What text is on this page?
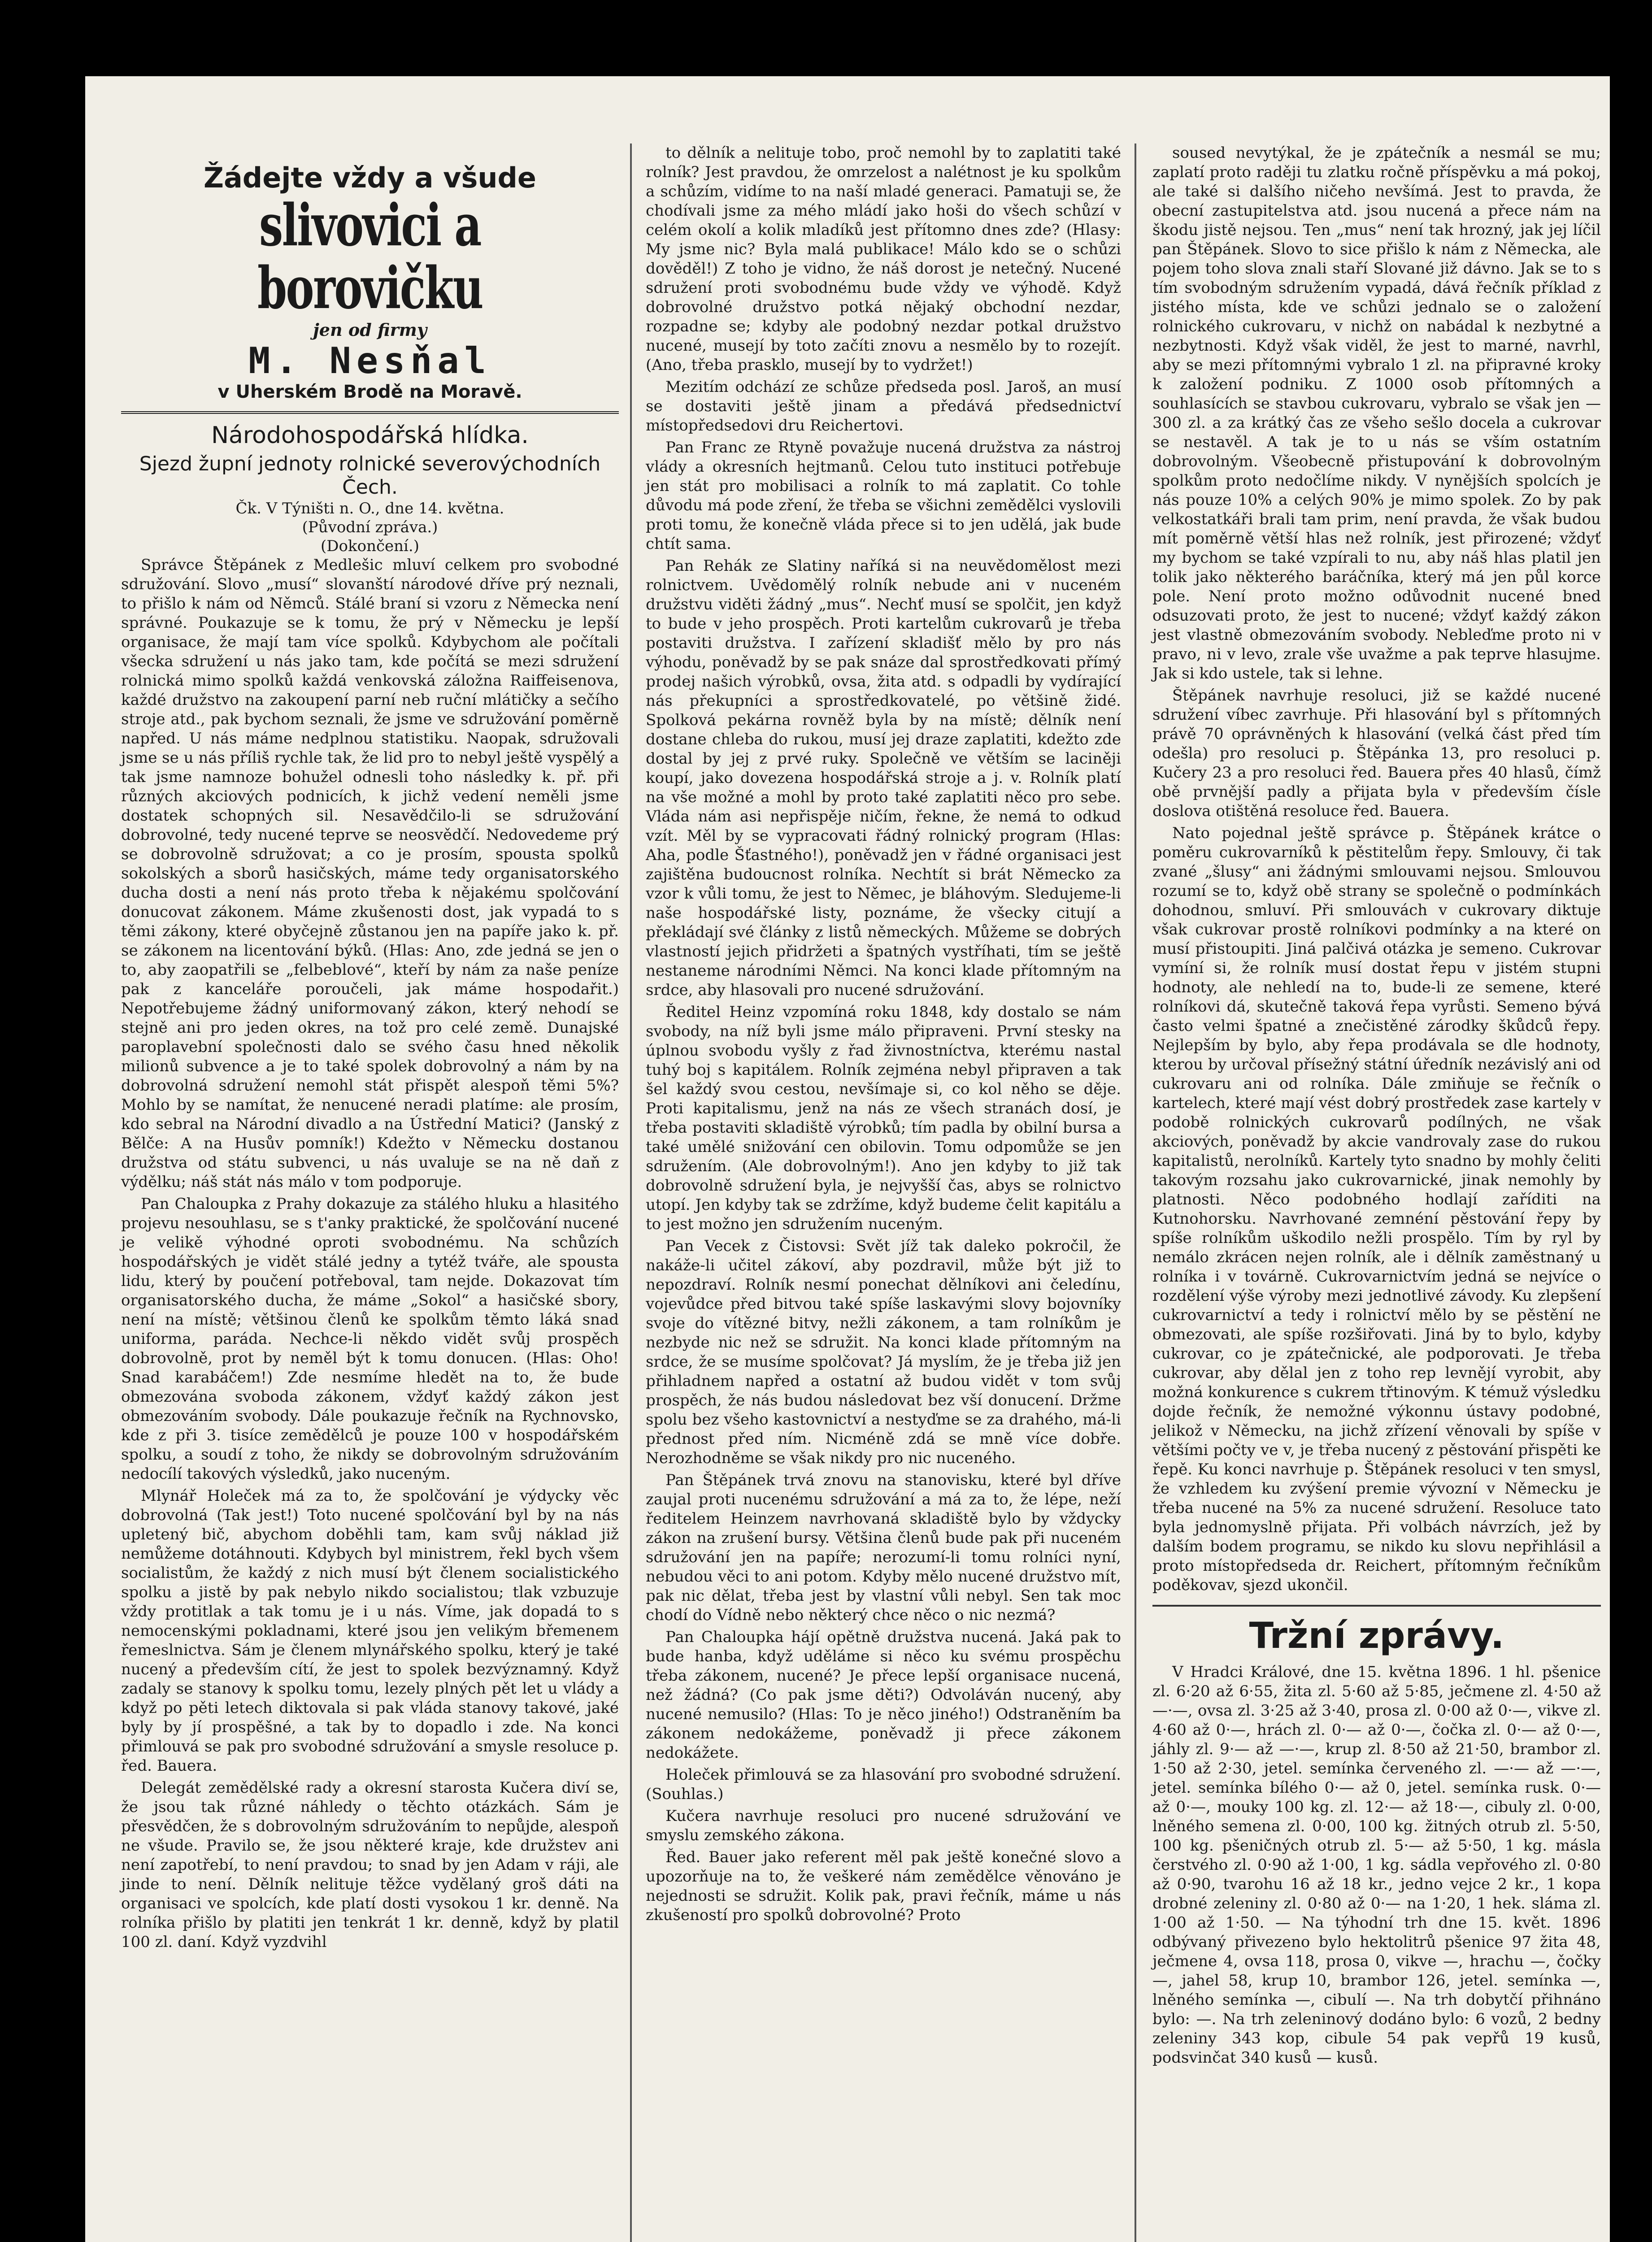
Žádejte vždy a všude
slivovici a borovičku
jen od firmy
M. Nesňal
v Uherském Brodě na Moravě.
Národohospodářská hlídka.
Sjezd župní jednoty rolnické severovýchodních Čech.
Čk. V Týništi n. O., dne 14. května.
(Původní zpráva.)
(Dokončení.)

Správce Štěpánek z Medlešic mluví celkem pro svobodné sdružování. Slovo „musí“ slovanští národové dříve prý neznali, to přišlo k nám od Němců. Stálé braní si vzoru z Německa není správné. Poukazuje se k tomu, že prý v Německu je lepší organisace, že mají tam více spolků. Kdybychom ale počítali všecka sdružení u nás jako tam, kde počítá se mezi sdružení rolnická mimo spolků každá venkovská záložna Raiffeisenova, každé družstvo na zakoupení parní neb ruční mlátičky a sečího stroje atd., pak bychom seznali, že jsme ve sdružování poměrně napřed. U nás máme nedplnou statistiku. Naopak, sdružovali jsme se u nás příliš rychle tak, že lid pro to nebyl ještě vyspělý a tak jsme namnoze bohužel odnesli toho následky k. př. při různých akciových podnicích, k jichž vedení neměli jsme dostatek schopných sil. Nesavědčilo-li se sdružování dobrovolné, tedy nucené teprve se neosvědčí. Nedovedeme prý se dobrovolně sdružovat; a co je prosím, spousta spolků sokolských a sborů hasičských, máme tedy organisatorského ducha dosti a není nás proto třeba k nějakému spolčování donucovat zákonem. Máme zkušenosti dost, jak vypadá to s těmi zákony, které obyčejně zůstanou jen na papíře jako k. př. se zákonem na licentování býků. (Hlas: Ano, zde jedná se jen o to, aby zaopatřili se „felbeblové“, kteří by nám za naše peníze pak z kanceláře poroučeli, jak máme hospodařit.) Nepotřebujeme žádný uniformovaný zákon, který nehodí se stejně ani pro jeden okres, na tož pro celé země. Dunajské paroplavební společnosti dalo se svého času hned několik milionů subvence a je to také spolek dobrovolný a nám by na dobrovolná sdružení nemohl stát přispět alespoň těmi 5%? Mohlo by se namítat, že nenucené neradi platíme: ale prosím, kdo sebral na Národní divadlo a na Ústřední Matici? (Janský z Bělče: A na Husův pomník!) Kdežto v Německu dostanou družstva od státu subvenci, u nás uvaluje se na ně daň z výdělku; náš stát nás málo v tom podporuje.

Pan Chaloupka z Prahy dokazuje za stálého hluku a hlasitého projevu nesouhlasu, se s t'anky praktické, že spolčování nucené je velikě výhodné oproti svobodnému. Na schůzích hospodářských je vidět stálé jedny a tytéž tváře, ale spousta lidu, který by poučení potřeboval, tam nejde. Dokazovat tím organisatorského ducha, že máme „Sokol“ a hasičské sbory, není na místě; většinou členů ke spolkům těmto láká snad uniforma, paráda. Nechce-li někdo vidět svůj prospěch dobrovolně, prot by neměl být k tomu donucen. (Hlas: Oho! Snad karabáčem!) Zde nesmíme hledět na to, že bude obmezována svoboda zákonem, vždyť každý zákon jest obmezováním svobody. Dále poukazuje řečník na Rychnovsko, kde z při 3. tisíce zemědělců je pouze 100 v hospodářském spolku, a soudí z toho, že nikdy se dobrovolným sdružováním nedocílí takových výsledků, jako nuceným.

Mlynář Holeček má za to, že spolčování je výdycky věc dobrovolná (Tak jest!) Toto nucené spolčování byl by na nás upletený bič, abychom doběhli tam, kam svůj náklad již nemůžeme dotáhnouti. Kdybych byl ministrem, řekl bych všem socialistům, že každý z nich musí být členem socialistického spolku a jistě by pak nebylo nikdo socialistou; tlak vzbuzuje vždy protitlak a tak tomu je i u nás. Víme, jak dopadá to s nemocenskými pokladnami, které jsou jen velikým břemenem řemeslnictva. Sám je členem mlynářského spolku, který je také nucený a především cítí, že jest to spolek bezvýznamný. Když zadaly se stanovy k spolku tomu, lezely plných pět let u vlády a když po pěti letech diktovala si pak vláda stanovy takové, jaké byly by jí prospěšné, a tak by to dopadlo i zde. Na konci přimlouvá se pak pro svobodné sdružování a smysle resoluce p. řed. Bauera.

Delegát zemědělské rady a okresní starosta Kučera diví se, že jsou tak různé náhledy o těchto otázkách. Sám je přesvědčen, že s dobrovolným sdružováním to nepůjde, alespoň ne všude. Pravilo se, že jsou některé kraje, kde družstev ani není zapotřebí, to není pravdou; to snad by jen Adam v ráji, ale jinde to není. Dělník nelituje těžce vydělaný groš dáti na organisaci ve spolcích, kde platí dosti vysokou 1 kr. denně. Na rolníka přišlo by platiti jen tenkrát 1 kr. denně, když by platil 100 zl. daní. Když vyzdvihl

to dělník a nelituje tobo, proč nemohl by to zaplatiti také rolník? Jest pravdou, že omrzelost a nalétnost je ku spolkům a schůzím, vidíme to na naší mladé generaci. Pamatuji se, že chodívali jsme za mého mládí jako hoši do všech schůzí v celém okolí a kolik mladíků jest přítomno dnes zde? (Hlasy: My jsme nic? Byla malá publikace! Málo kdo se o schůzi dověděl!) Z toho je vidno, že náš dorost je netečný. Nucené sdružení proti svobodnému bude vždy ve výhodě. Když dobrovolné družstvo potká nějaký obchodní nezdar, rozpadne se; kdyby ale podobný nezdar potkal družstvo nucené, musejí by toto začíti znovu a nesmělo by to rozejít. (Ano, třeba prasklo, musejí by to vydržet!)

Mezitím odchází ze schůze předseda posl. Jaroš, an musí se dostaviti ještě jinam a předává předsednictví místopředsedovi dru Reichertovi.

Pan Franc ze Rtyně považuje nucená družstva za nástroj vlády a okresních hejtmanů. Celou tuto instituci potřebuje jen stát pro mobilisaci a rolník to má zaplatit. Co tohle důvodu má pode zření, že třeba se všichni zemědělci vyslovili proti tomu, že konečně vláda přece si to jen udělá, jak bude chtít sama.

Pan Rehák ze Slatiny naříká si na neuvědomělost mezi rolnictvem. Uvědomělý rolník nebude ani v nuceném družstvu viděti žádný „mus“. Nechť musí se spolčit, jen když to bude v jeho prospěch. Proti kartelům cukrovarů je třeba postaviti družstva. I zařízení skladišť mělo by pro nás výhodu, poněvadž by se pak snáze dal sprostředkovati přímý prodej našich výrobků, ovsa, žita atd. s odpadli by vydírající nás překupníci a sprostředkovatelé, po většině židé. Spolková pekárna rovněž byla by na místě; dělník není dostane chleba do rukou, musí jej draze zaplatiti, kdežto zde dostal by jej z prvé ruky. Společně ve větším se laciněji koupí, jako dovezena hospodářská stroje a j. v. Rolník platí na vše možné a mohl by proto také zaplatiti něco pro sebe. Vláda nám asi nepřispěje ničím, řekne, že nemá to odkud vzít. Měl by se vypracovati řádný rolnický program (Hlas: Aha, podle Šťastného!), poněvadž jen v řádné organisaci jest zajištěna budoucnost rolníka. Nechtít si brát Německo za vzor k vůli tomu, že jest to Němec, je bláhovým. Sledujeme-li naše hospodářské listy, poznáme, že všecky citují a překládají své články z listů německých. Můžeme se dobrých vlastností jejich přidržeti a špatných vystříhati, tím se ještě nestaneme národními Němci. Na konci klade přítomným na srdce, aby hlasovali pro nucené sdružování.

Ředitel Heinz vzpomíná roku 1848, kdy dostalo se nám svobody, na níž byli jsme málo připraveni. První stesky na úplnou svobodu vyšly z řad živnostníctva, kterému nastal tuhý boj s kapitálem. Rolník zejména nebyl připraven a tak šel každý svou cestou, nevšímaje si, co kol něho se děje. Proti kapitalismu, jenž na nás ze všech stranách dosí, je třeba postaviti skladiště výrobků; tím padla by obilní bursa a také umělé snižování cen obilovin. Tomu odpomůže se jen sdružením. (Ale dobrovolným!). Ano jen kdyby to již tak dobrovolně sdružení byla, je nejvyšší čas, abys se rolnictvo utopí. Jen kdyby tak se zdržíme, když budeme čelit kapitálu a to jest možno jen sdružením nuceným.

Pan Vecek z Čistovsi: Svět jíž tak daleko pokročil, že nakáže-li učitel zákoví, aby pozdravil, může být již to nepozdraví. Rolník nesmí ponechat dělníkovi ani čeledínu, vojevůdce před bitvou také spíše laskavými slovy bojovníky svoje do vítězné bitvy, nežli zákonem, a tam rolníkům je nezbyde nic než se sdružit. Na konci klade přítomným na srdce, že se musíme spolčovat? Já myslím, že je třeba již jen přihladnem napřed a ostatní až budou vidět v tom svůj prospěch, že nás budou následovat bez vší donucení. Držme spolu bez všeho kastovnictví a nestyďme se za drahého, má-li přednost před ním. Nicméně zdá se mně více dobře. Nerozhodněme se však nikdy pro nic nuceného.

Pan Štěpánek trvá znovu na stanovisku, které byl dříve zaujal proti nucenému sdružování a má za to, že lépe, neží ředitelem Heinzem navrhovaná skladiště bylo by vždycky zákon na zrušení bursy. Většina členů bude pak při nuceném sdružování jen na papíře; nerozumí-li tomu rolníci nyní, nebudou věci to ani potom. Kdyby mělo nucené družstvo mít, pak nic dělat, třeba jest by vlastní vůli nebyl. Sen tak moc chodí do Vídně nebo některý chce něco o nic nezmá?

Pan Chaloupka hájí opětně družstva nucená. Jaká pak to bude hanba, když uděláme si něco ku svému prospěchu třeba zákonem, nucené? Je přece lepší organisace nucená, než žádná? (Co pak jsme děti?) Odvoláván nucený, aby nucené nemusilo? (Hlas: To je něco jiného!) Odstraněním ba zákonem nedokážeme, poněvadž ji přece zákonem nedokážete.

Holeček přimlouvá se za hlasování pro svobodné sdružení. (Souhlas.)

Kučera navrhuje resoluci pro nucené sdružování ve smyslu zemského zákona.

Řed. Bauer jako referent měl pak ještě konečné slovo a upozorňuje na to, že veškeré nám zemědělce věnováno je nejednosti se sdružit. Kolik pak, pravi řečník, máme u nás zkušeností pro spolků dobrovolné? Proto

soused nevytýkal, že je zpátečník a nesmál se mu; zaplatí proto raději tu zlatku ročně příspěvku a má pokoj, ale také si dalšího ničeho nevšímá. Jest to pravda, že obecní zastupitelstva atd. jsou nucená a přece nám na škodu jistě nejsou. Ten „mus“ není tak hrozný, jak jej líčil pan Štěpánek. Slovo to sice přišlo k nám z Německa, ale pojem toho slova znali staří Slované již dávno. Jak se to s tím svobodným sdružením vypadá, dává řečník příklad z jistého místa, kde ve schůzi jednalo se o založení rolnického cukrovaru, v nichž on nabádal k nezbytné a nezbytnosti. Když však viděl, že jest to marné, navrhl, aby se mezi přítomnými vybralo 1 zl. na připravné kroky k založení podniku. Z 1000 osob přítomných a souhlasících se stavbou cukrovaru, vybralo se však jen — 300 zl. a za krátký čas ze všeho sešlo docela a cukrovar se nestavěl. A tak je to u nás se vším ostatním dobrovolným. Všeobecně přistupování k dobrovolným spolkům proto nedočlíme nikdy. V nynějších spolcích je nás pouze 10% a celých 90% je mimo spolek. Zo by pak velkostatkáři brali tam prim, není pravda, že však budou mít poměrně větší hlas než rolník, jest přirozené; vždyť my bychom se také vzpírali to nu, aby náš hlas platil jen tolik jako některého baráčníka, který má jen půl korce pole. Není proto možno odůvodnit nucené bned odsuzovati proto, že jest to nucené; vždyť každý zákon jest vlastně obmezováním svobody. Nebleďme proto ni v pravo, ni v levo, zrale vše uvažme a pak teprve hlasujme. Jak si kdo ustele, tak si lehne.

Štěpánek navrhuje resoluci, již se každé nucené sdružení víbec zavrhuje. Při hlasování byl s přítomných právě 70 oprávněných k hlasování (velká část před tím odešla) pro resoluci p. Štěpánka 13, pro resoluci p. Kučery 23 a pro resoluci řed. Bauera přes 40 hlasů, čímž obě prvnější padly a přijata byla v především čísle doslova otištěná resoluce řed. Bauera.

Nato pojednal ještě správce p. Štěpánek krátce o poměru cukrovarníků k pěstitelům řepy. Smlouvy, či tak zvané „šlusy“ ani žádnými smlouvami nejsou. Smlouvou rozumí se to, když obě strany se společně o podmínkách dohodnou, smluví. Při smlouvách v cukrovary diktuje však cukrovar prostě rolníkovi podmínky a na které on musí přistoupiti. Jiná palčivá otázka je semeno. Cukrovar vymíní si, že rolník musí dostat řepu v jistém stupni hodnoty, ale nehledí na to, bude-li ze semene, které rolníkovi dá, skutečně taková řepa vyrůsti. Semeno bývá často velmi špatné a znečistěné zárodky škůdců řepy. Nejlepším by bylo, aby řepa prodávala se dle hodnoty, kterou by určoval přísežný státní úředník nezávislý ani od cukrovaru ani od rolníka. Dále zmiňuje se řečník o kartelech, které mají vést dobrý prostředek zase kartely v podobě rolnických cukrovarů podílných, ne však akciových, poněvadž by akcie vandrovaly zase do rukou kapitalistů, nerolníků. Kartely tyto snadno by mohly čeliti takovým rozsahu jako cukrovarnické, jinak nemohly by platnosti. Něco podobného hodlají zaříditi na Kutnohorsku. Navrhované zemnéní pěstování řepy by spíše rolníkům uškodilo nežli prospělo. Tím by ryl by nemálo zkrácen nejen rolník, ale i dělník zaměstnaný u rolníka i v továrně. Cukrovarnictvím jedná se nejvíce o rozdělení výše výroby mezi jednotlivé závody. Ku zlepšení cukrovarnictví a tedy i rolnictví mělo by se pěstění ne obmezovati, ale spíše rozšiřovati. Jiná by to bylo, kdyby cukrovar, co je zpátečnické, ale podporovati. Je třeba cukrovar, aby dělal jen z toho rep levnějí vyrobit, aby možná konkurence s cukrem třtinovým. K témuž výsledku dojde řečník, že nemožné výkonnu ústavy podobné, jelikož v Německu, na jichž zřízení věnovali by spíše v většími počty ve v, je třeba nucený z pěstování přispěti ke řepě. Ku konci navrhuje p. Štěpánek resoluci v ten smysl, že vzhledem ku zvýšení premie vývozní v Německu je třeba nucené na 5% za nucené sdružení. Resoluce tato byla jednomyslně přijata. Při volbách návrzích, jež by dalším bodem programu, se nikdo ku slovu nepřihlásil a proto místopředseda dr. Reichert, přítomným řečníkům poděkovav, sjezd ukončil.

Tržní zprávy.

V Hradci Králové, dne 15. května 1896. 1 hl. pšenice zl. 6·20 až 6·55, žita zl. 5·60 až 5·85, ječmene zl. 4·50 až —·—, ovsa zl. 3·25 až 3·40, prosa zl. 0·00 až 0·—, vikve zl. 4·60 až 0·—, hrách zl. 0·— až 0·—, čočka zl. 0·— až 0·—, jáhly zl. 9·— až —·—, krup zl. 8·50 až 21·50, brambor zl. 1·50 až 2·30, jetel. semínka červeného zl. —·— až —·—, jetel. semínka bílého 0·— až 0, jetel. semínka rusk. 0·— až 0·—, mouky 100 kg. zl. 12·— až 18·—, cibuly zl. 0·00, lněného semena zl. 0·00, 100 kg. žitných otrub zl. 5·50, 100 kg. pšeničných otrub zl. 5·— až 5·50, 1 kg. másla čerstvého zl. 0·90 až 1·00, 1 kg. sádla vepřového zl. 0·80 až 0·90, tvarohu 16 až 18 kr., jedno vejce 2 kr., 1 kopa drobné zeleniny zl. 0·80 až 0·— na 1·20, 1 hek. sláma zl. 1·00 až 1·50. — Na týhodní trh dne 15. květ. 1896 odbývaný přivezeno bylo hektolitrů pšenice 97 žita 48, ječmene 4, ovsa 118, prosa 0, vikve —, hrachu —, čočky —, jahel 58, krup 10, brambor 126, jetel. semínka —, lněného semínka —, cibulí —. Na trh dobytčí přihnáno bylo: —. Na trh zeleninový dodáno bylo: 6 vozů, 2 bedny zeleniny 343 kop, cibule 54 pak vepřů 19 kusů, podsvinčat 340 kusů — kusů.
